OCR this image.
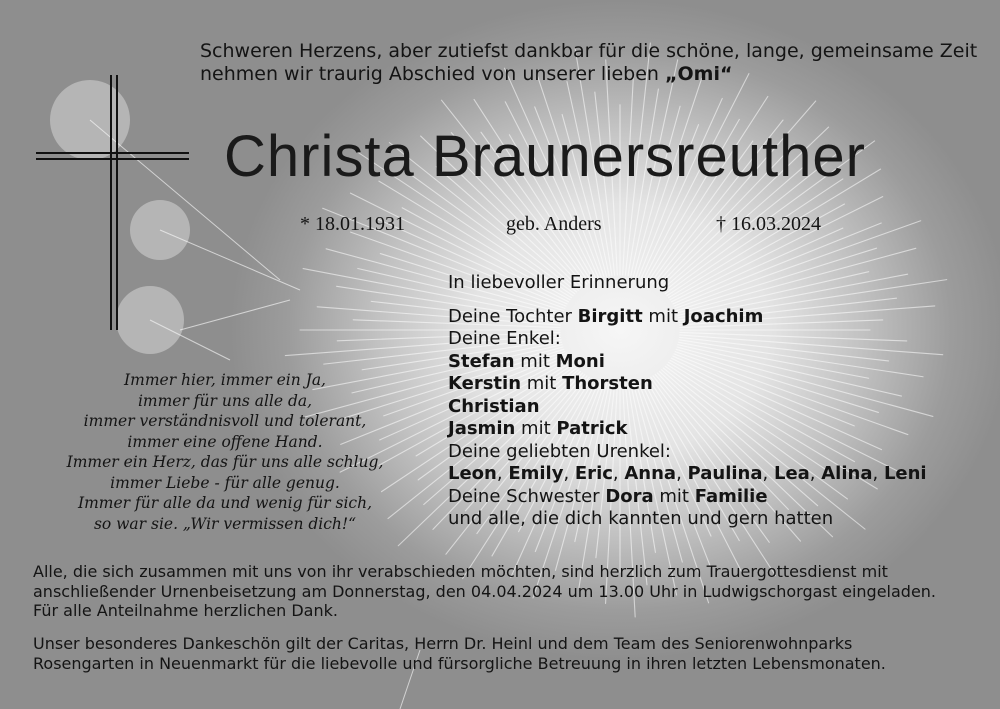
Schweren Herzens, aber zutiefst dankbar für die schöne, lange, gemeinsame Zeit
nehmen wir traurig Abschied von unserer lieben „Omi“
Christa Braunersreuther
* 18.01.1931	geb. Anders	† 16.03.2024
Immer hier, immer ein Ja,
immer für uns alle da,
immer verständnisvoll und tolerant,
immer eine offene Hand.
Immer ein Herz, das für uns alle schlug,
immer Liebe - für alle genug.
Immer für alle da und wenig für sich,
so war sie. „Wir vermissen dich!“
In liebevoller Erinnerung
Deine Tochter Birgitt mit Joachim
Deine Enkel:
Stefan mit Moni
Kerstin mit Thorsten
Christian
Jasmin mit Patrick
Deine geliebten Urenkel:
Leon, Emily, Eric, Anna, Paulina, Lea, Alina, Leni
Deine Schwester Dora mit Familie
und alle, die dich kannten und gern hatten
Alle, die sich zusammen mit uns von ihr verabschieden möchten, sind herzlich zum Trauergottesdienst mit
anschließender Urnenbeisetzung am Donnerstag, den 04.04.2024 um 13.00 Uhr in Ludwigschorgast eingeladen.
Für alle Anteilnahme herzlichen Dank.
Unser besonderes Dankeschön gilt der Caritas, Herrn Dr. Heinl und dem Team des Seniorenwohnparks
Rosengarten in Neuenmarkt für die liebevolle und fürsorgliche Betreuung in ihren letzten Lebensmonaten.
